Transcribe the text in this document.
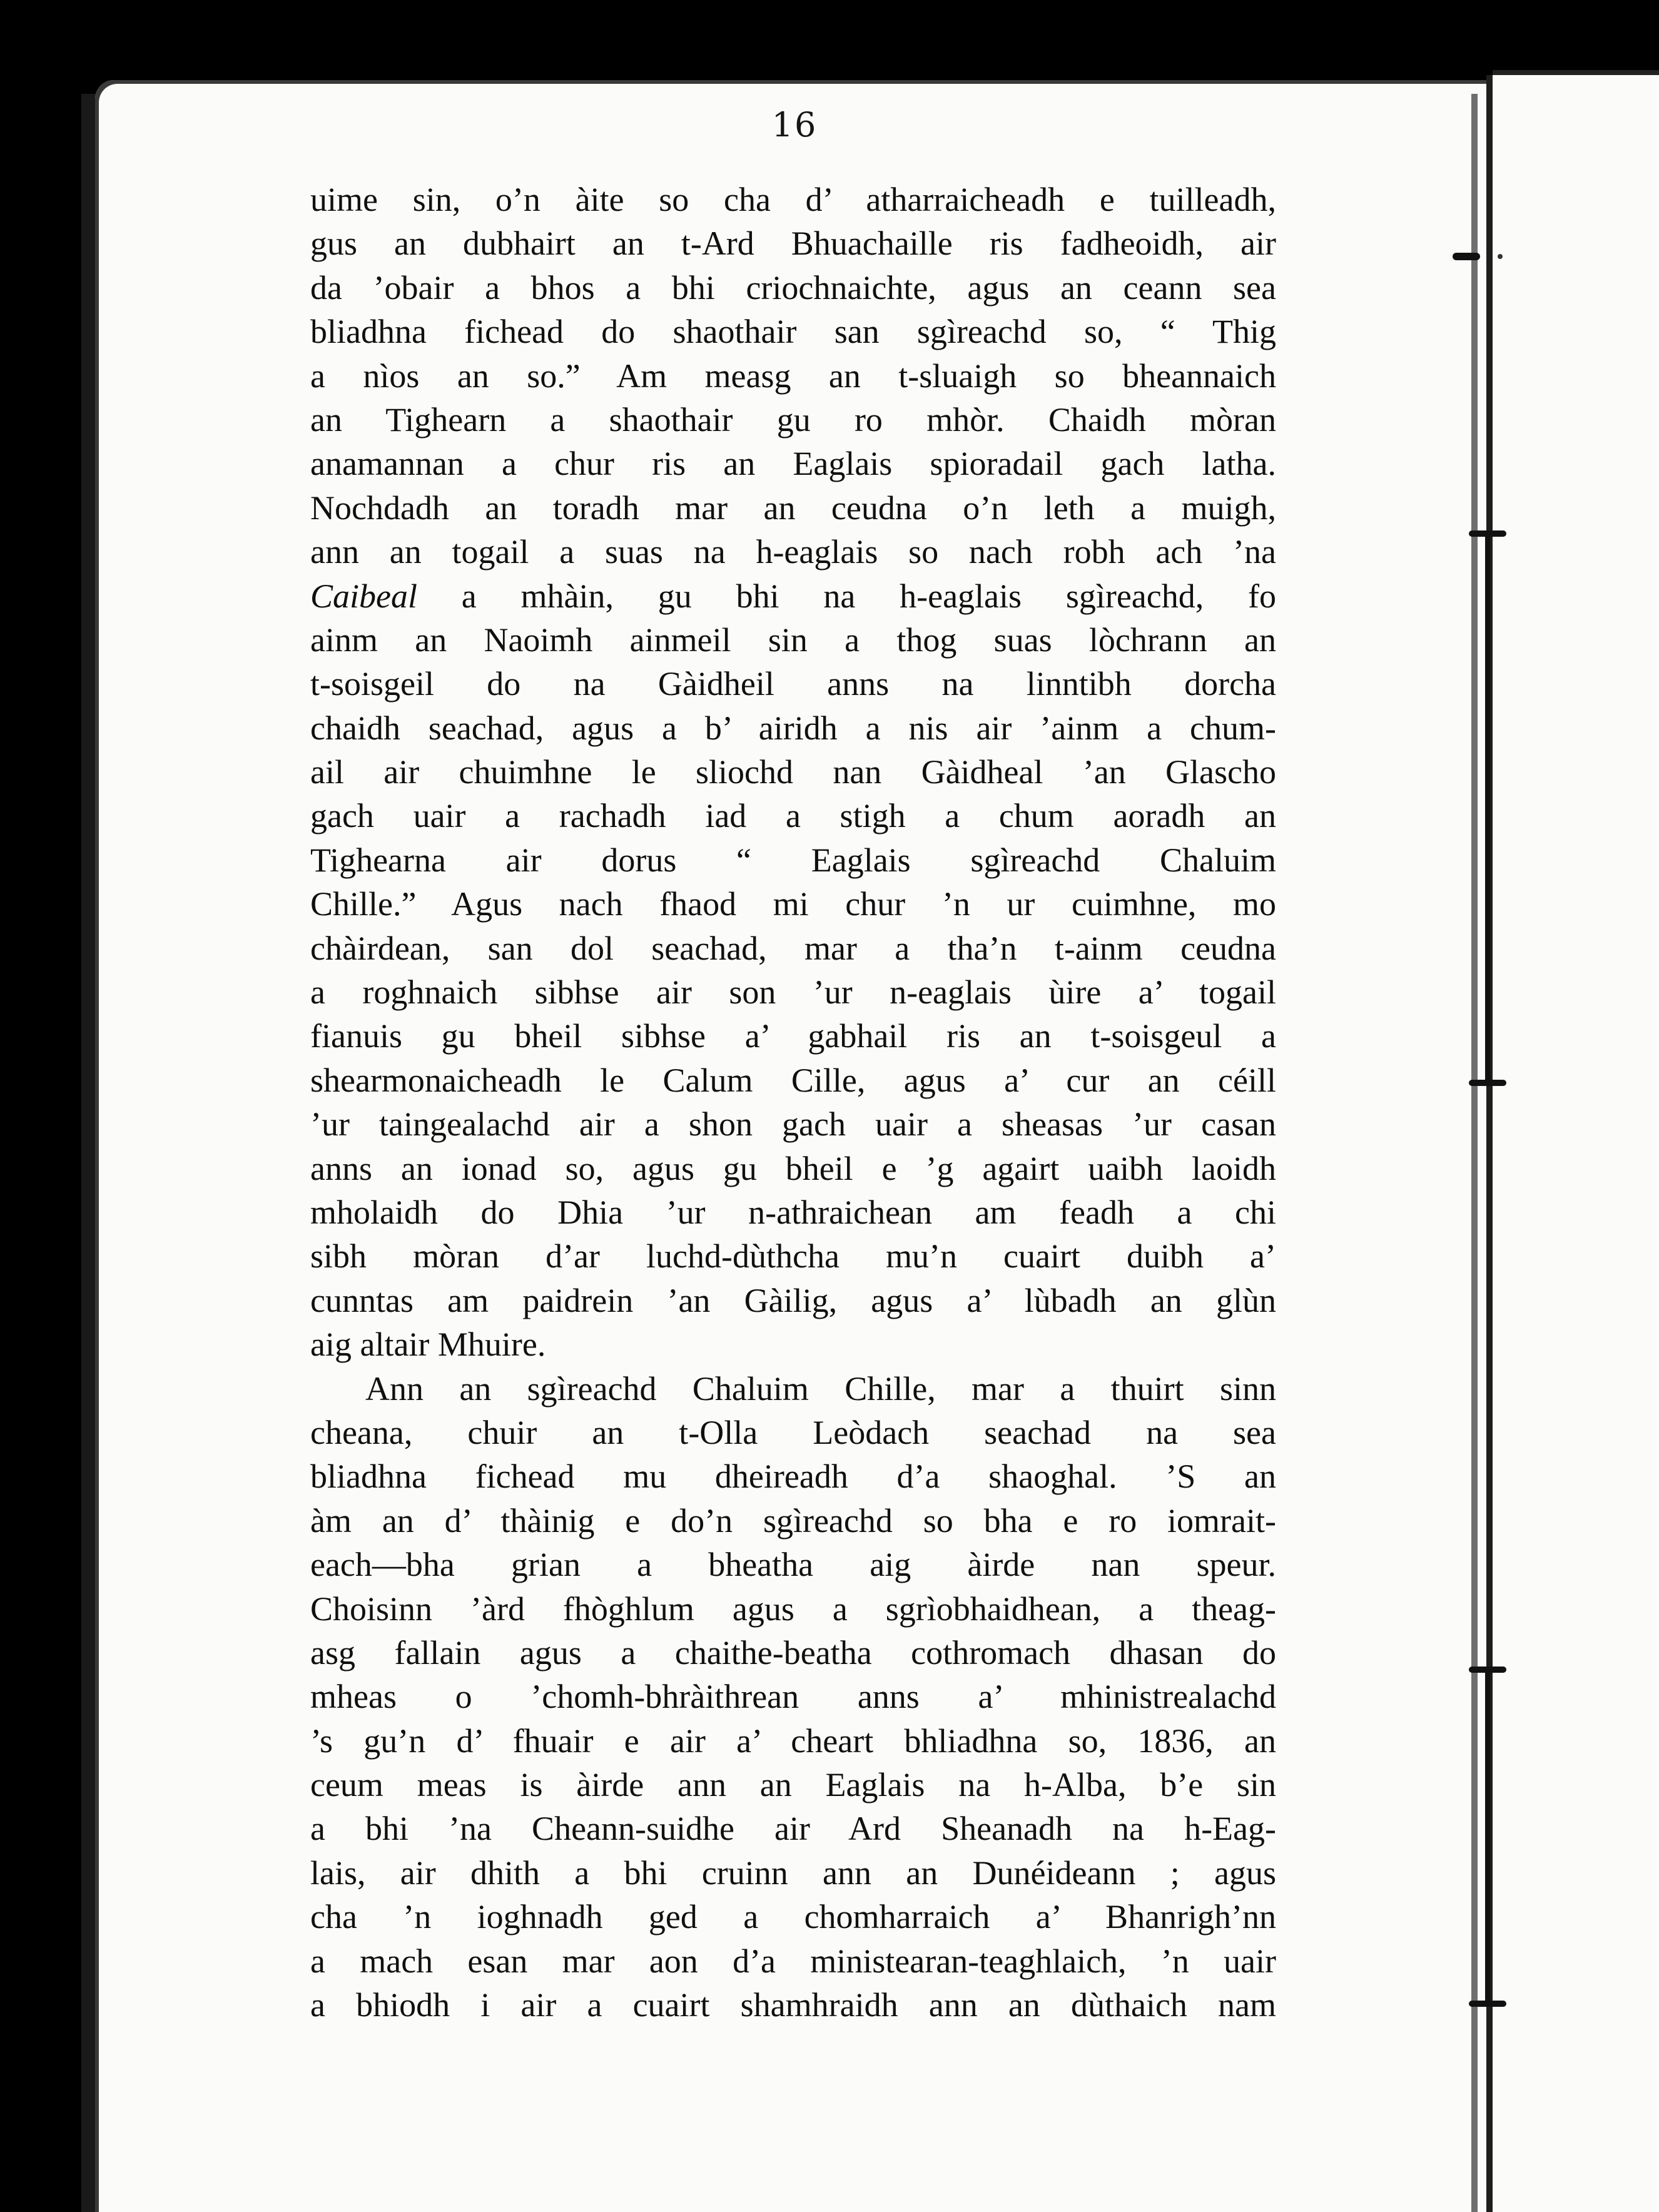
16
uime sin, o’n àite so cha d’ atharraicheadh e tuilleadh,
gus an dubhairt an t-Ard Bhuachaille ris fadheoidh, air
da ’obair a bhos a bhi criochnaichte, agus an ceann sea
bliadhna fichead do shaothair san sgìreachd so, “ Thig
a nìos an so.” Am measg an t-sluaigh so bheannaich
an Tighearn a shaothair gu ro mhòr. Chaidh mòran
anamannan a chur ris an Eaglais spioradail gach latha.
Nochdadh an toradh mar an ceudna o’n leth a muigh,
ann an togail a suas na h-eaglais so nach robh ach ’na
Caibeal a mhàin, gu bhi na h-eaglais sgìreachd, fo
ainm an Naoimh ainmeil sin a thog suas lòchrann an
t-soisgeil do na Gàidheil anns na linntibh dorcha
chaidh seachad, agus a b’ airidh a nis air ’ainm a chum-
ail air chuimhne le sliochd nan Gàidheal ’an Glascho
gach uair a rachadh iad a stigh a chum aoradh an
Tighearna air dorus “ Eaglais sgìreachd Chaluim
Chille.” Agus nach fhaod mi chur ’n ur cuimhne, mo
chàirdean, san dol seachad, mar a tha’n t-ainm ceudna
a roghnaich sibhse air son ’ur n-eaglais ùire a’ togail
fianuis gu bheil sibhse a’ gabhail ris an t-soisgeul a
shearmonaicheadh le Calum Cille, agus a’ cur an céill
’ur taingealachd air a shon gach uair a sheasas ’ur casan
anns an ionad so, agus gu bheil e ’g agairt uaibh laoidh
mholaidh do Dhia ’ur n-athraichean am feadh a chi
sibh mòran d’ar luchd-dùthcha mu’n cuairt duibh a’
cunntas am paidrein ’an Gàilig, agus a’ lùbadh an glùn
aig altair Mhuire.
Ann an sgìreachd Chaluim Chille, mar a thuirt sinn
cheana, chuir an t-Olla Leòdach seachad na sea
bliadhna fichead mu dheireadh d’a shaoghal. ’S an
àm an d’ thàinig e do’n sgìreachd so bha e ro iomrait-
each—bha grian a bheatha aig àirde nan speur.
Choisinn ’àrd fhòghlum agus a sgrìobhaidhean, a theag-
asg fallain agus a chaithe-beatha cothromach dhasan do
mheas o ’chomh-bhràithrean anns a’ mhinistrealachd
’s gu’n d’ fhuair e air a’ cheart bhliadhna so, 1836, an
ceum meas is àirde ann an Eaglais na h-Alba, b’e sin
a bhi ’na Cheann-suidhe air Ard Sheanadh na h-Eag-
lais, air dhith a bhi cruinn ann an Dunéideann ; agus
cha ’n ioghnadh ged a chomharraich a’ Bhanrigh’nn
a mach esan mar aon d’a ministearan-teaghlaich, ’n uair
a bhiodh i air a cuairt shamhraidh ann an dùthaich nam
